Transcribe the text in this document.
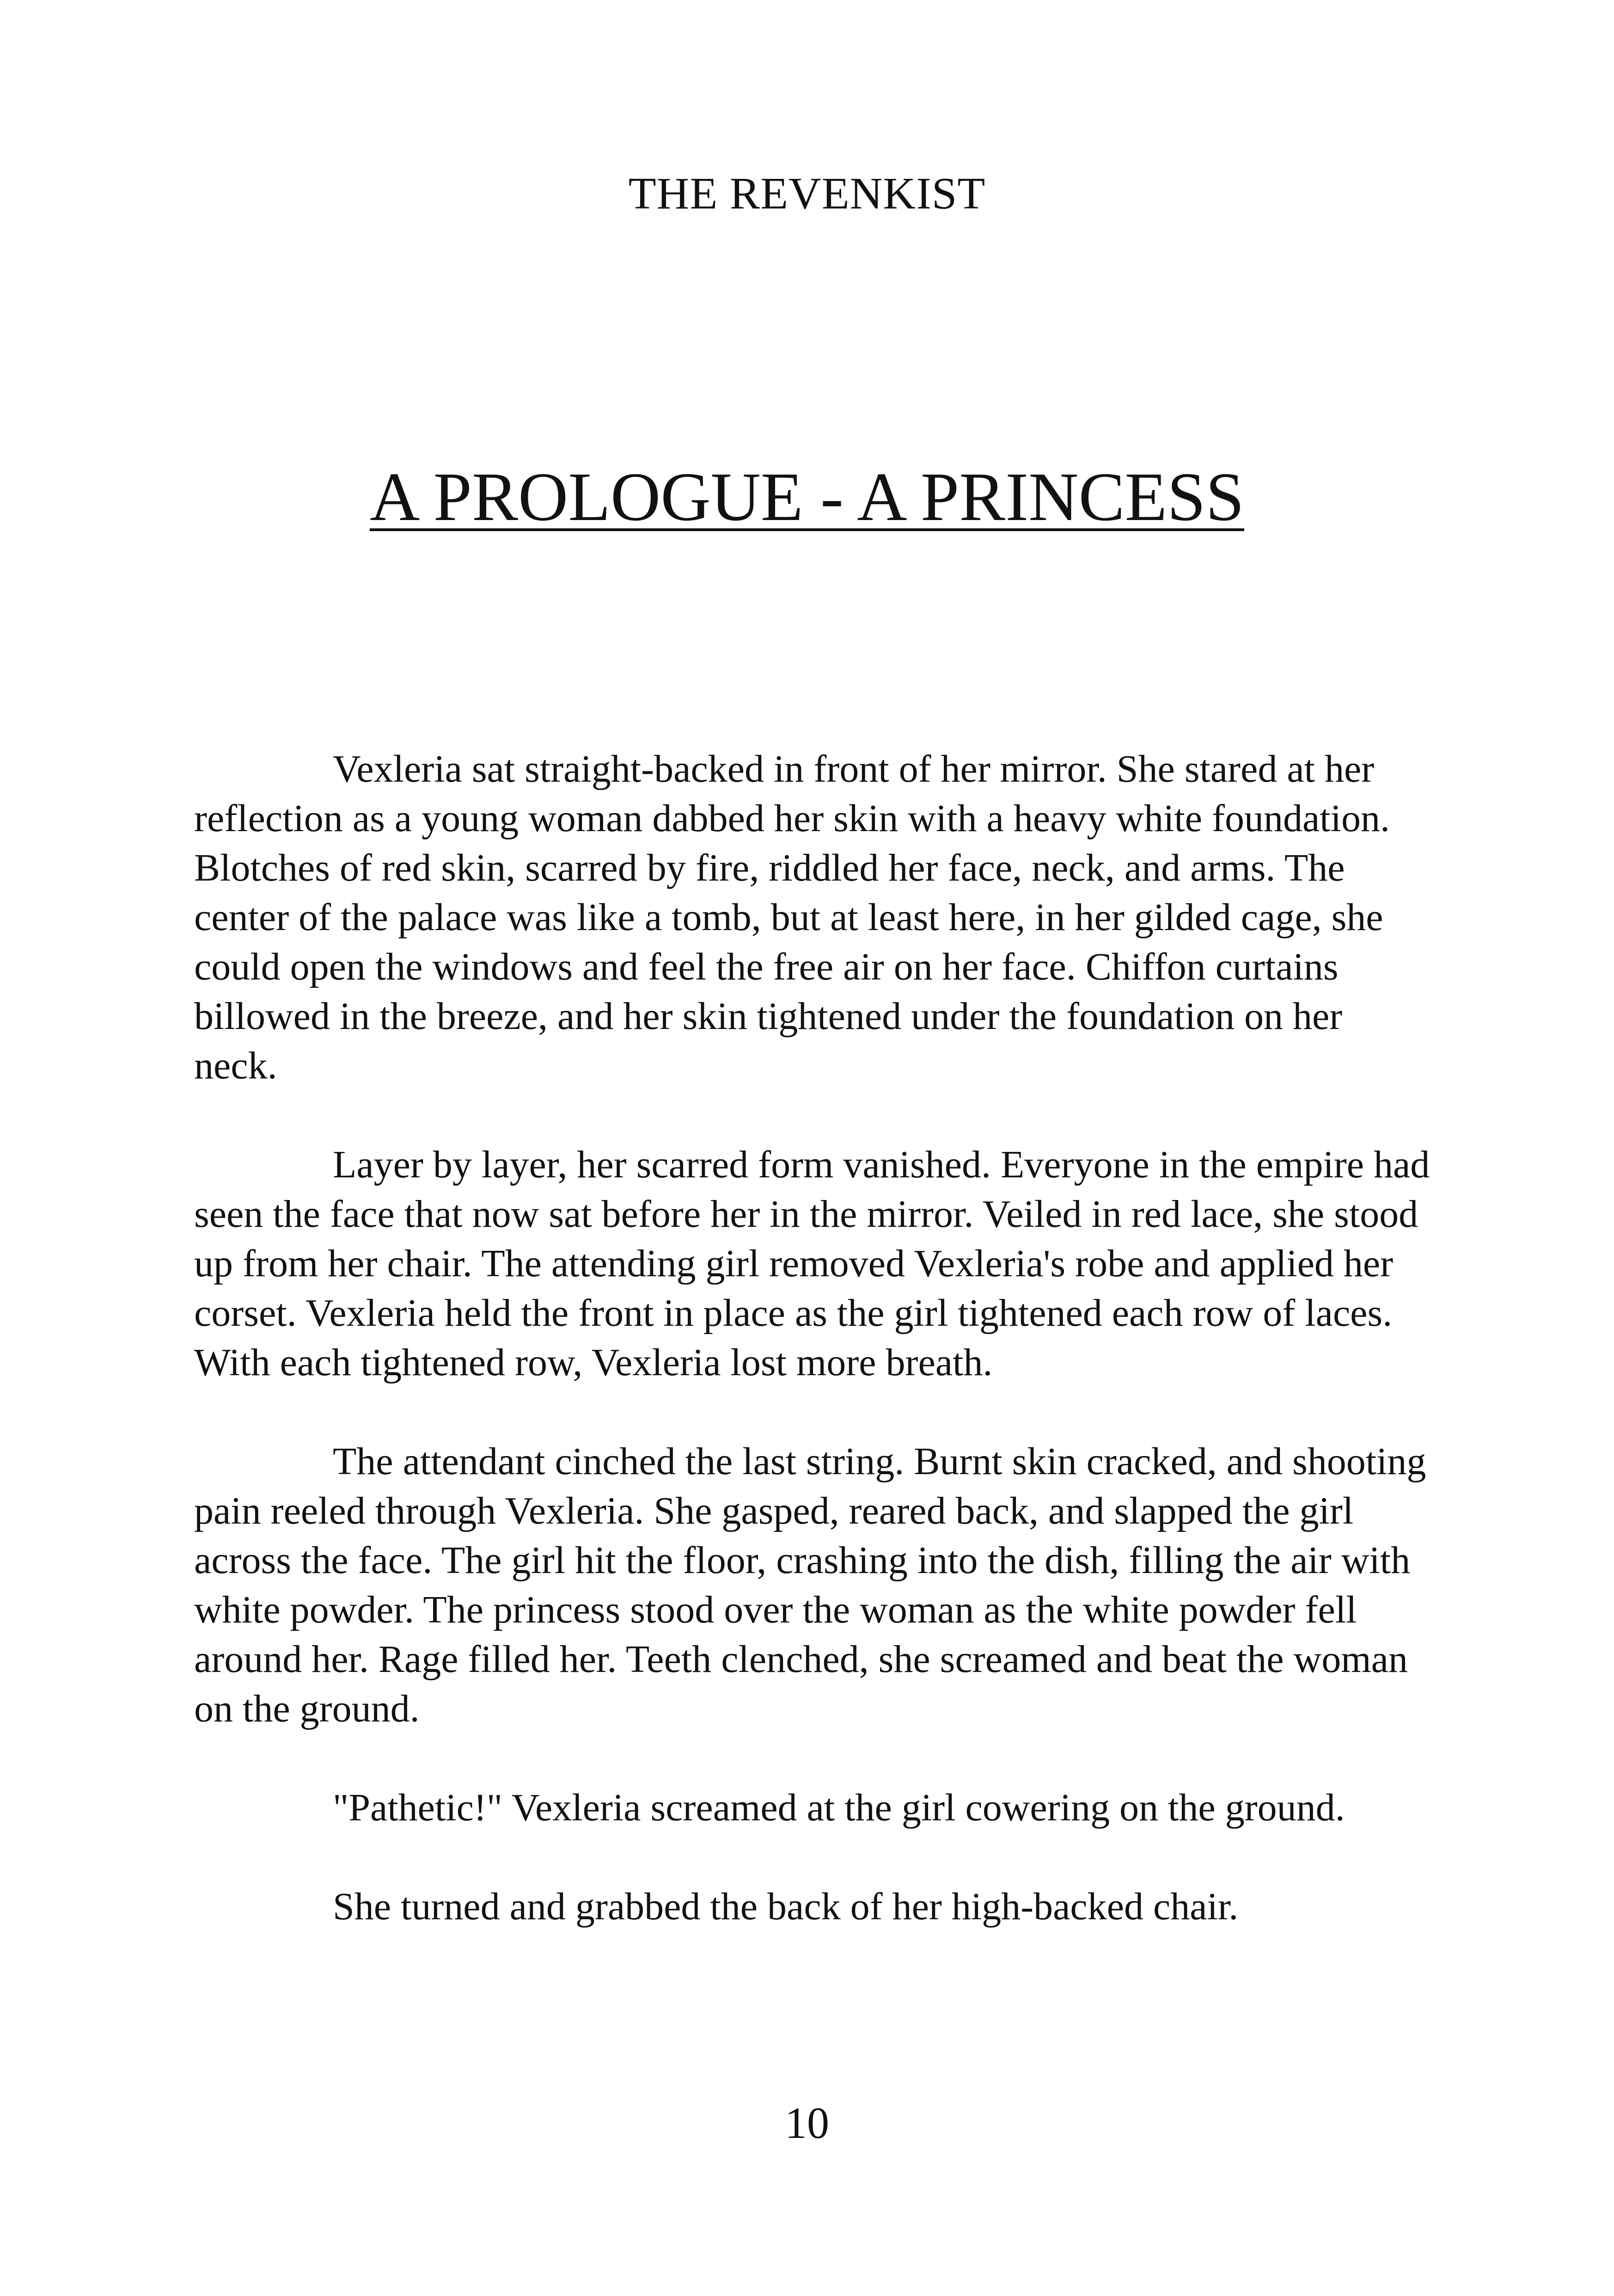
THE REVENKIST
A PROLOGUE - A PRINCESS

Vexleria sat straight-backed in front of her mirror. She stared at her reflection as a young woman dabbed her skin with a heavy white foundation. Blotches of red skin, scarred by fire, riddled her face, neck, and arms. The center of the palace was like a tomb, but at least here, in her gilded cage, she could open the windows and feel the free air on her face. Chiffon curtains billowed in the breeze, and her skin tightened under the foundation on her neck.

Layer by layer, her scarred form vanished. Everyone in the empire had seen the face that now sat before her in the mirror. Veiled in red lace, she stood up from her chair. The attending girl removed Vexleria's robe and applied her corset. Vexleria held the front in place as the girl tightened each row of laces. With each tightened row, Vexleria lost more breath.

The attendant cinched the last string. Burnt skin cracked, and shooting pain reeled through Vexleria. She gasped, reared back, and slapped the girl across the face. The girl hit the floor, crashing into the dish, filling the air with white powder. The princess stood over the woman as the white powder fell around her. Rage filled her. Teeth clenched, she screamed and beat the woman on the ground.

"Pathetic!" Vexleria screamed at the girl cowering on the ground.

She turned and grabbed the back of her high-backed chair.

10
